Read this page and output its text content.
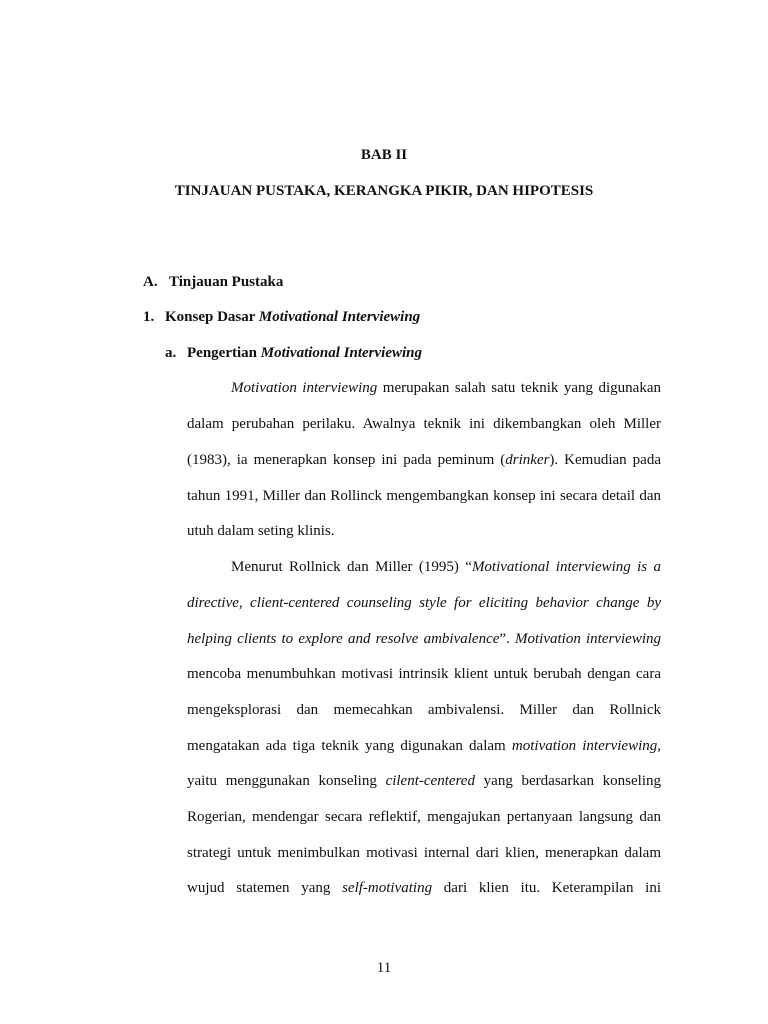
BAB II
TINJAUAN PUSTAKA, KERANGKA PIKIR, DAN HIPOTESIS
A. Tinjauan Pustaka
1. Konsep Dasar Motivational Interviewing
a. Pengertian Motivational Interviewing
Motivation interviewing merupakan salah satu teknik yang digunakan
dalam perubahan perilaku. Awalnya teknik ini dikembangkan oleh Miller
(1983), ia menerapkan konsep ini pada peminum (drinker). Kemudian pada
tahun 1991, Miller dan Rollinck mengembangkan konsep ini secara detail dan
utuh dalam seting klinis.
Menurut Rollnick dan Miller (1995) “Motivational interviewing is a
directive, client-centered counseling style for eliciting behavior change by
helping clients to explore and resolve ambivalence”. Motivation interviewing
mencoba menumbuhkan motivasi intrinsik klient untuk berubah dengan cara
mengeksplorasi dan memecahkan ambivalensi. Miller dan Rollnick
mengatakan ada tiga teknik yang digunakan dalam motivation interviewing,
yaitu menggunakan konseling cilent-centered yang berdasarkan konseling
Rogerian, mendengar secara reflektif, mengajukan pertanyaan langsung dan
strategi untuk menimbulkan motivasi internal dari klien, menerapkan dalam
wujud statemen yang self-motivating dari klien itu. Keterampilan ini
11
